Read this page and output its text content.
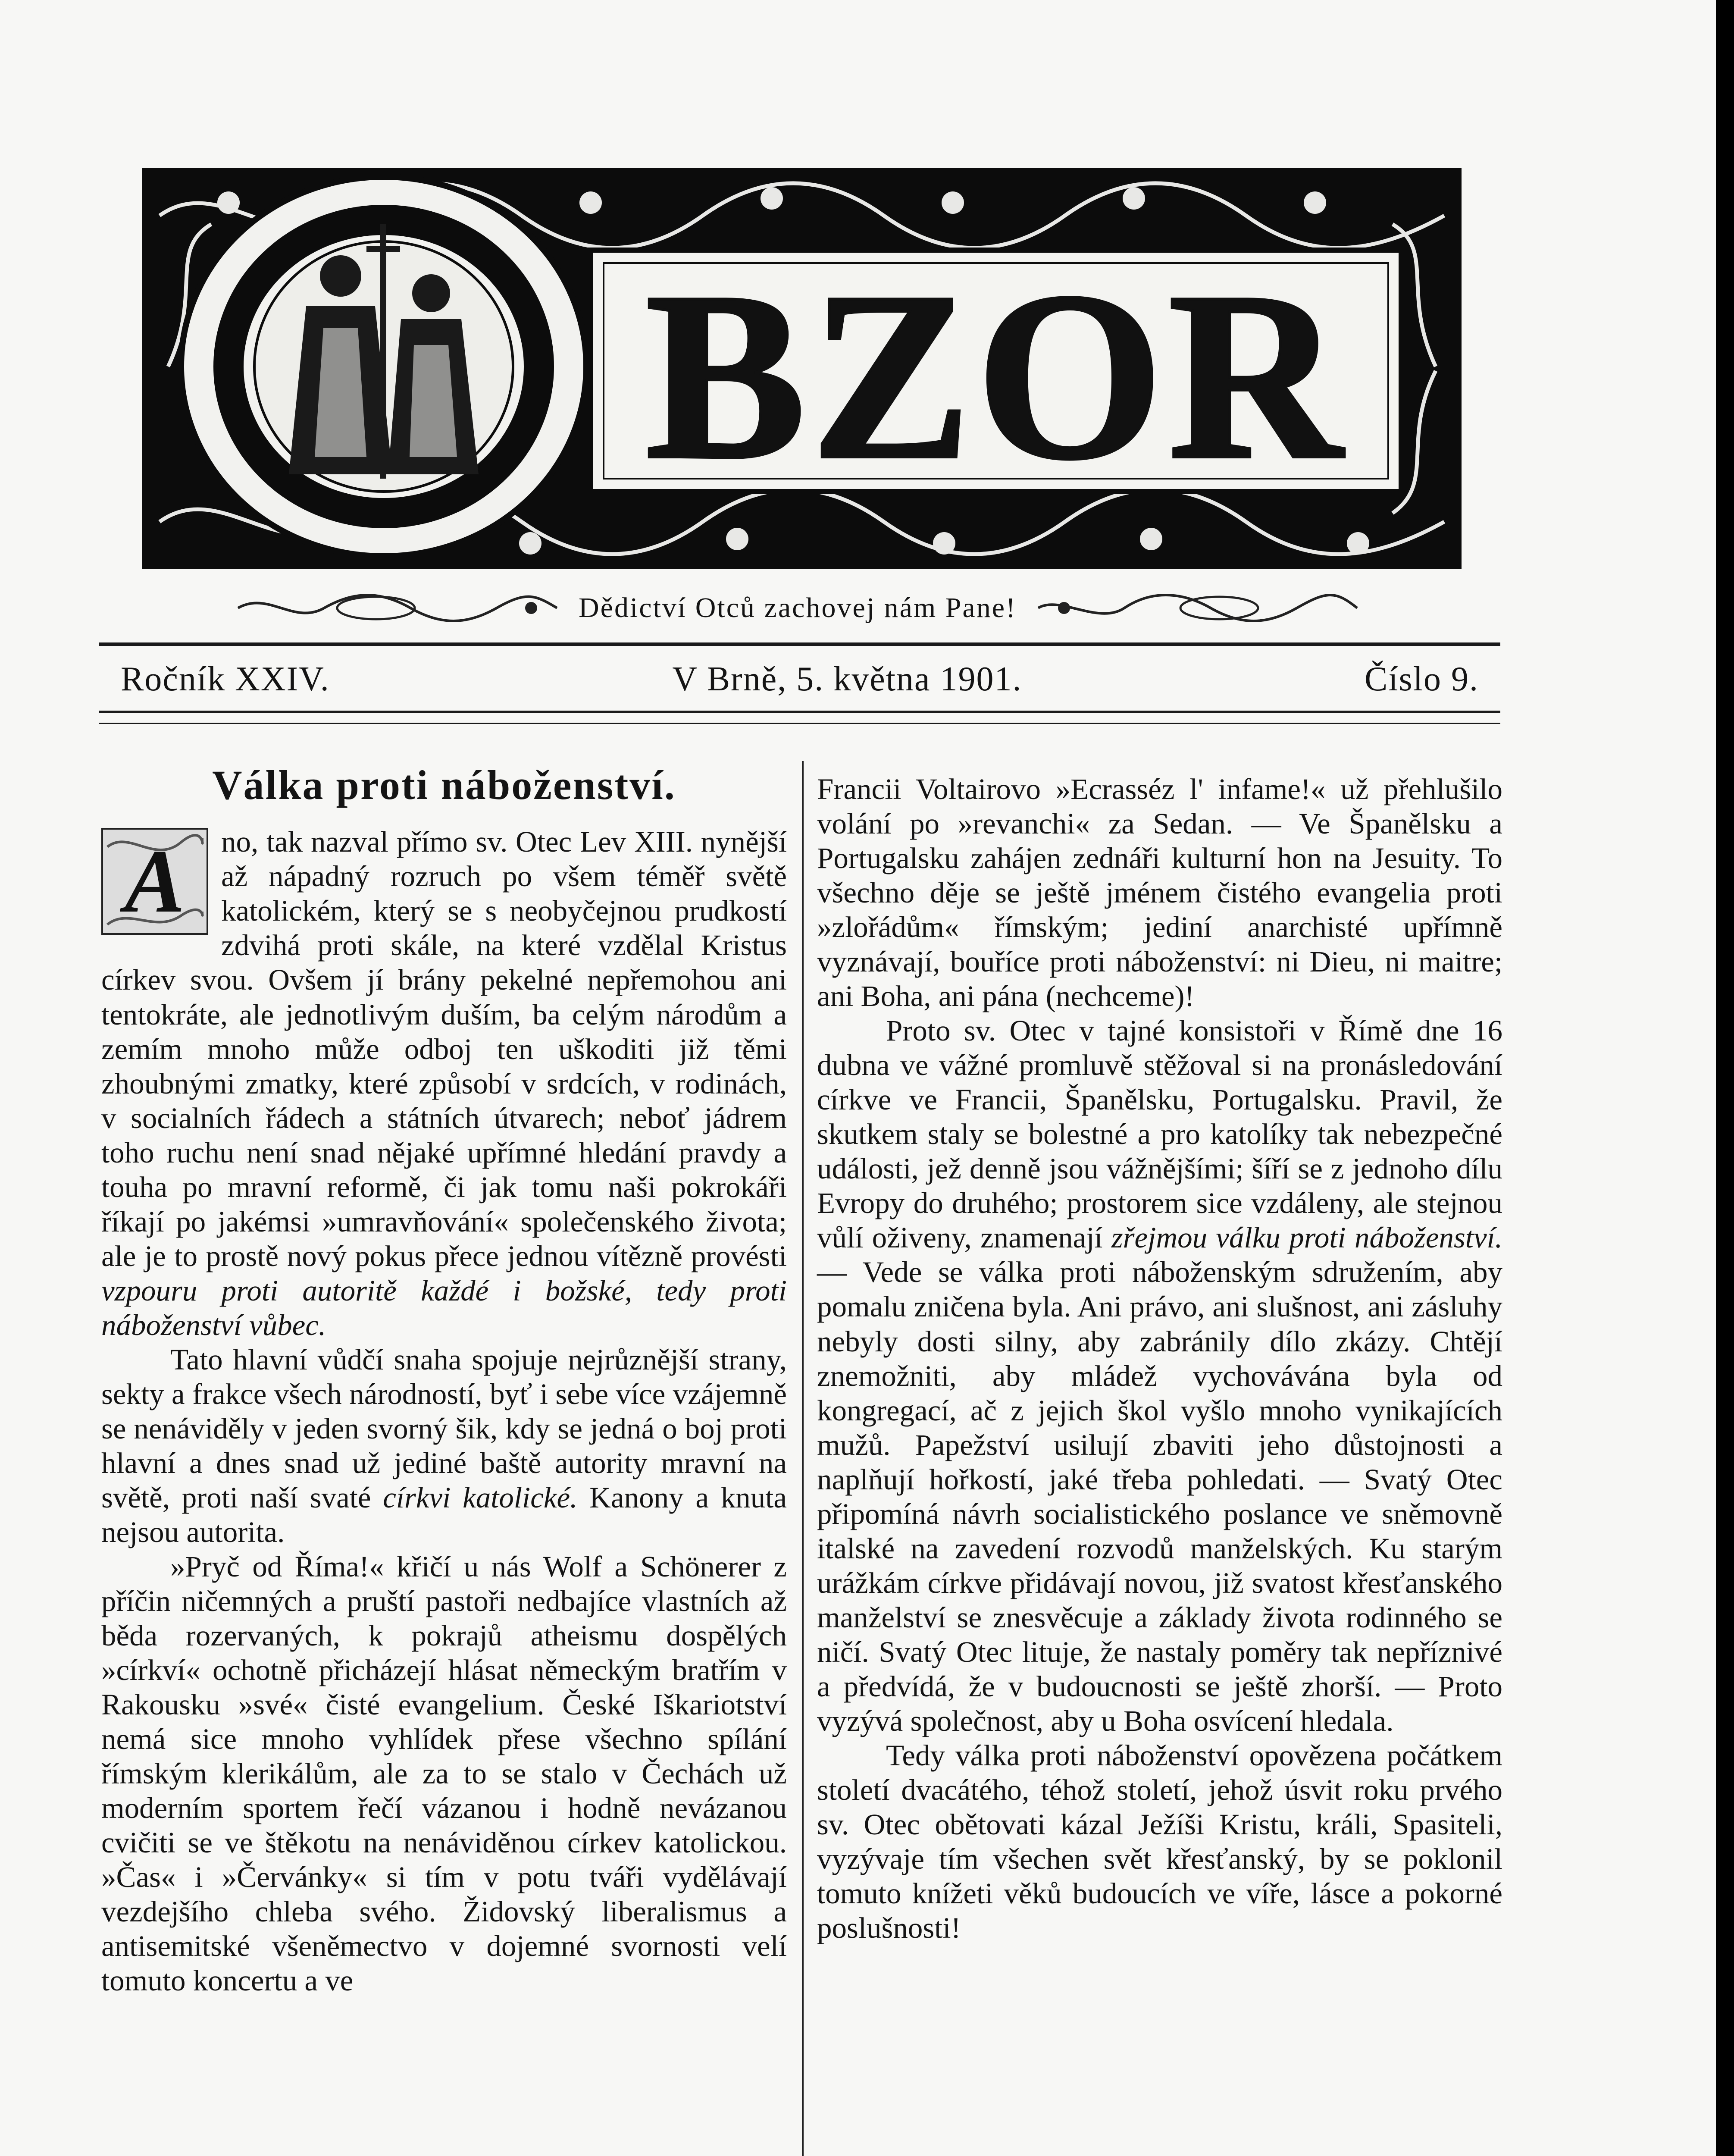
BZOR
Dědictví Otců zachovej nám Pane!
Ročník XXIV.	V Brně, 5. května 1901.	Číslo 9.
Válka proti náboženství.

A	no, tak nazval přímo sv. Otec Lev XIII. nynější až nápadný rozruch po všem téměř světě katolickém, který se s neobyčejnou prudkostí zdvihá proti skále, na které vzdělal Kristus církev svou. Ovšem jí brány pekelné nepřemohou ani tentokráte, ale jednotlivým duším, ba celým národům a zemím mnoho může odboj ten uškoditi již těmi zhoubnými zmatky, které způsobí v srdcích, v rodinách, v socialních řádech a státních útvarech; neboť jádrem toho ruchu není snad nějaké upřímné hledání pravdy a touha po mravní reformě, či jak tomu naši pokrokáři říkají po jakémsi »umravňování« společenského života; ale je to prostě nový pokus přece jednou vítězně provésti vzpouru proti autoritě každé i božské, tedy proti náboženství vůbec.

Tato hlavní vůdčí snaha spojuje nejrůznější strany, sekty a frakce všech národností, byť i sebe více vzájemně se nenáviděly v jeden svorný šik, kdy se jedná o boj proti hlavní a dnes snad už jediné baště autority mravní na světě, proti naší svaté církvi katolické. Kanony a knuta nejsou autorita.

»Pryč od Říma!« křičí u nás Wolf a Schönerer z příčin ničemných a pruští pastoři nedbajíce vlastních až běda rozervaných, k pokrajů atheismu dospělých »církví« ochotně přicházejí hlásat německým bratřím v Rakousku »své« čisté evangelium. České Iškariotství nemá sice mnoho vyhlídek přese všechno spílání římským klerikálům, ale za to se stalo v Čechách už moderním sportem řečí vázanou i hodně nevázanou cvičiti se ve štěkotu na nenáviděnou církev katolickou. »Čas« i »Červánky« si tím v potu tváři vydělávají vezdejšího chleba svého. Židovský liberalismus a antisemitské všeněmectvo v dojemné svornosti velí tomuto koncertu a ve

Francii Voltairovo »Ecrasséz l' infame!« už přehlušilo volání po »revanchi« za Sedan. — Ve Španělsku a Portugalsku zahájen zednáři kulturní hon na Jesuity. To všechno děje se ještě jménem čistého evangelia proti »zlořádům« římským; jediní anarchisté upřímně vyznávají, bouříce proti náboženství: ni Dieu, ni maitre; ani Boha, ani pána (nechceme)!

Proto sv. Otec v tajné konsistoři v Římě dne 16 dubna ve vážné promluvě stěžoval si na pronásledování církve ve Francii, Španělsku, Portugalsku. Pravil, že skutkem staly se bolestné a pro katolíky tak nebezpečné události, jež denně jsou vážnějšími; šíří se z jednoho dílu Evropy do druhého; prostorem sice vzdáleny, ale stejnou vůlí oživeny, znamenají zřejmou válku proti náboženství. — Vede se válka proti náboženským sdružením, aby pomalu zničena byla. Ani právo, ani slušnost, ani zásluhy nebyly dosti silny, aby zabránily dílo zkázy. Chtějí znemožniti, aby mládež vychovávána byla od kongregací, ač z jejich škol vyšlo mnoho vynikajících mužů. Papežství usilují zbaviti jeho důstojnosti a naplňují hořkostí, jaké třeba pohledati. — Svatý Otec připomíná návrh socialistického poslance ve sněmovně italské na zavedení rozvodů manželských. Ku starým urážkám církve přidávají novou, již svatost křesťanského manželství se znesvěcuje a základy života rodinného se ničí. Svatý Otec lituje, že nastaly poměry tak nepříznivé a předvídá, že v budoucnosti se ještě zhorší. — Proto vyzývá společnost, aby u Boha osvícení hledala.

Tedy válka proti náboženství opovězena počátkem století dvacátého, téhož století, jehož úsvit roku prvého sv. Otec obětovati kázal Ježíši Kristu, králi, Spasiteli, vyzývaje tím všechen svět křesťanský, by se poklonil tomuto knížeti věků budoucích ve víře, lásce a pokorné poslušnosti!
